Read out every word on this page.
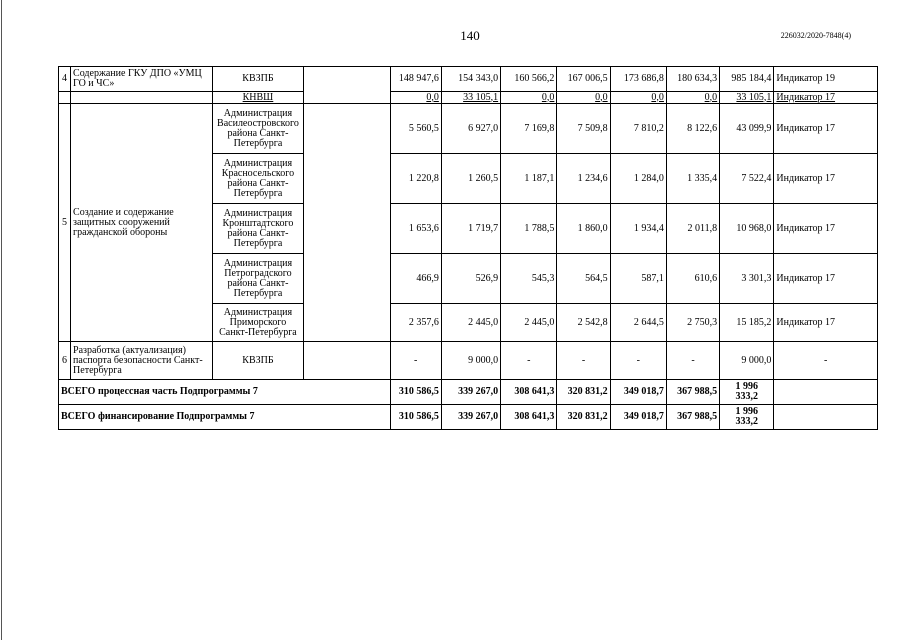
140	226032/2020-7848(4)
4	Содержание ГКУ ДПО «УМЦ ГО и ЧС»	КВЗПБ		148 947,6	154 343,0	160 566,2	167 006,5	173 686,8	180 634,3	985 184,4	Индикатор 19
		КНВШ		0,0	33 105,1	0,0	0,0	0,0	0,0	33 105,1	Индикатор 17
5	Создание и содержание защитных сооружений гражданской обороны	Администрация Василеостровского района Санкт-Петербурга		5 560,5	6 927,0	7 169,8	7 509,8	7 810,2	8 122,6	43 099,9	Индикатор 17
		Администрация Красносельского района Санкт-Петербурга		1 220,8	1 260,5	1 187,1	1 234,6	1 284,0	1 335,4	7 522,4	Индикатор 17
		Администрация Кронштадтского района Санкт-Петербурга		1 653,6	1 719,7	1 788,5	1 860,0	1 934,4	2 011,8	10 968,0	Индикатор 17
		Администрация Петроградского района Санкт-Петербурга		466,9	526,9	545,3	564,5	587,1	610,6	3 301,3	Индикатор 17
		Администрация Приморского Санкт-Петербурга		2 357,6	2 445,0	2 445,0	2 542,8	2 644,5	2 750,3	15 185,2	Индикатор 17
6	Разработка (актуализация) паспорта безопасности Санкт-Петербурга	КВЗПБ		-	9 000,0	-	-	-	-	9 000,0	-
ВСЕГО процессная часть Подпрограммы 7				310 586,5	339 267,0	308 641,3	320 831,2	349 018,7	367 988,5	1 996
333,2	

ВСЕГО финансирование Подпрограммы 7				310 586,5	339 267,0	308 641,3	320 831,2	349 018,7	367 988,5	1 996
333,2	
